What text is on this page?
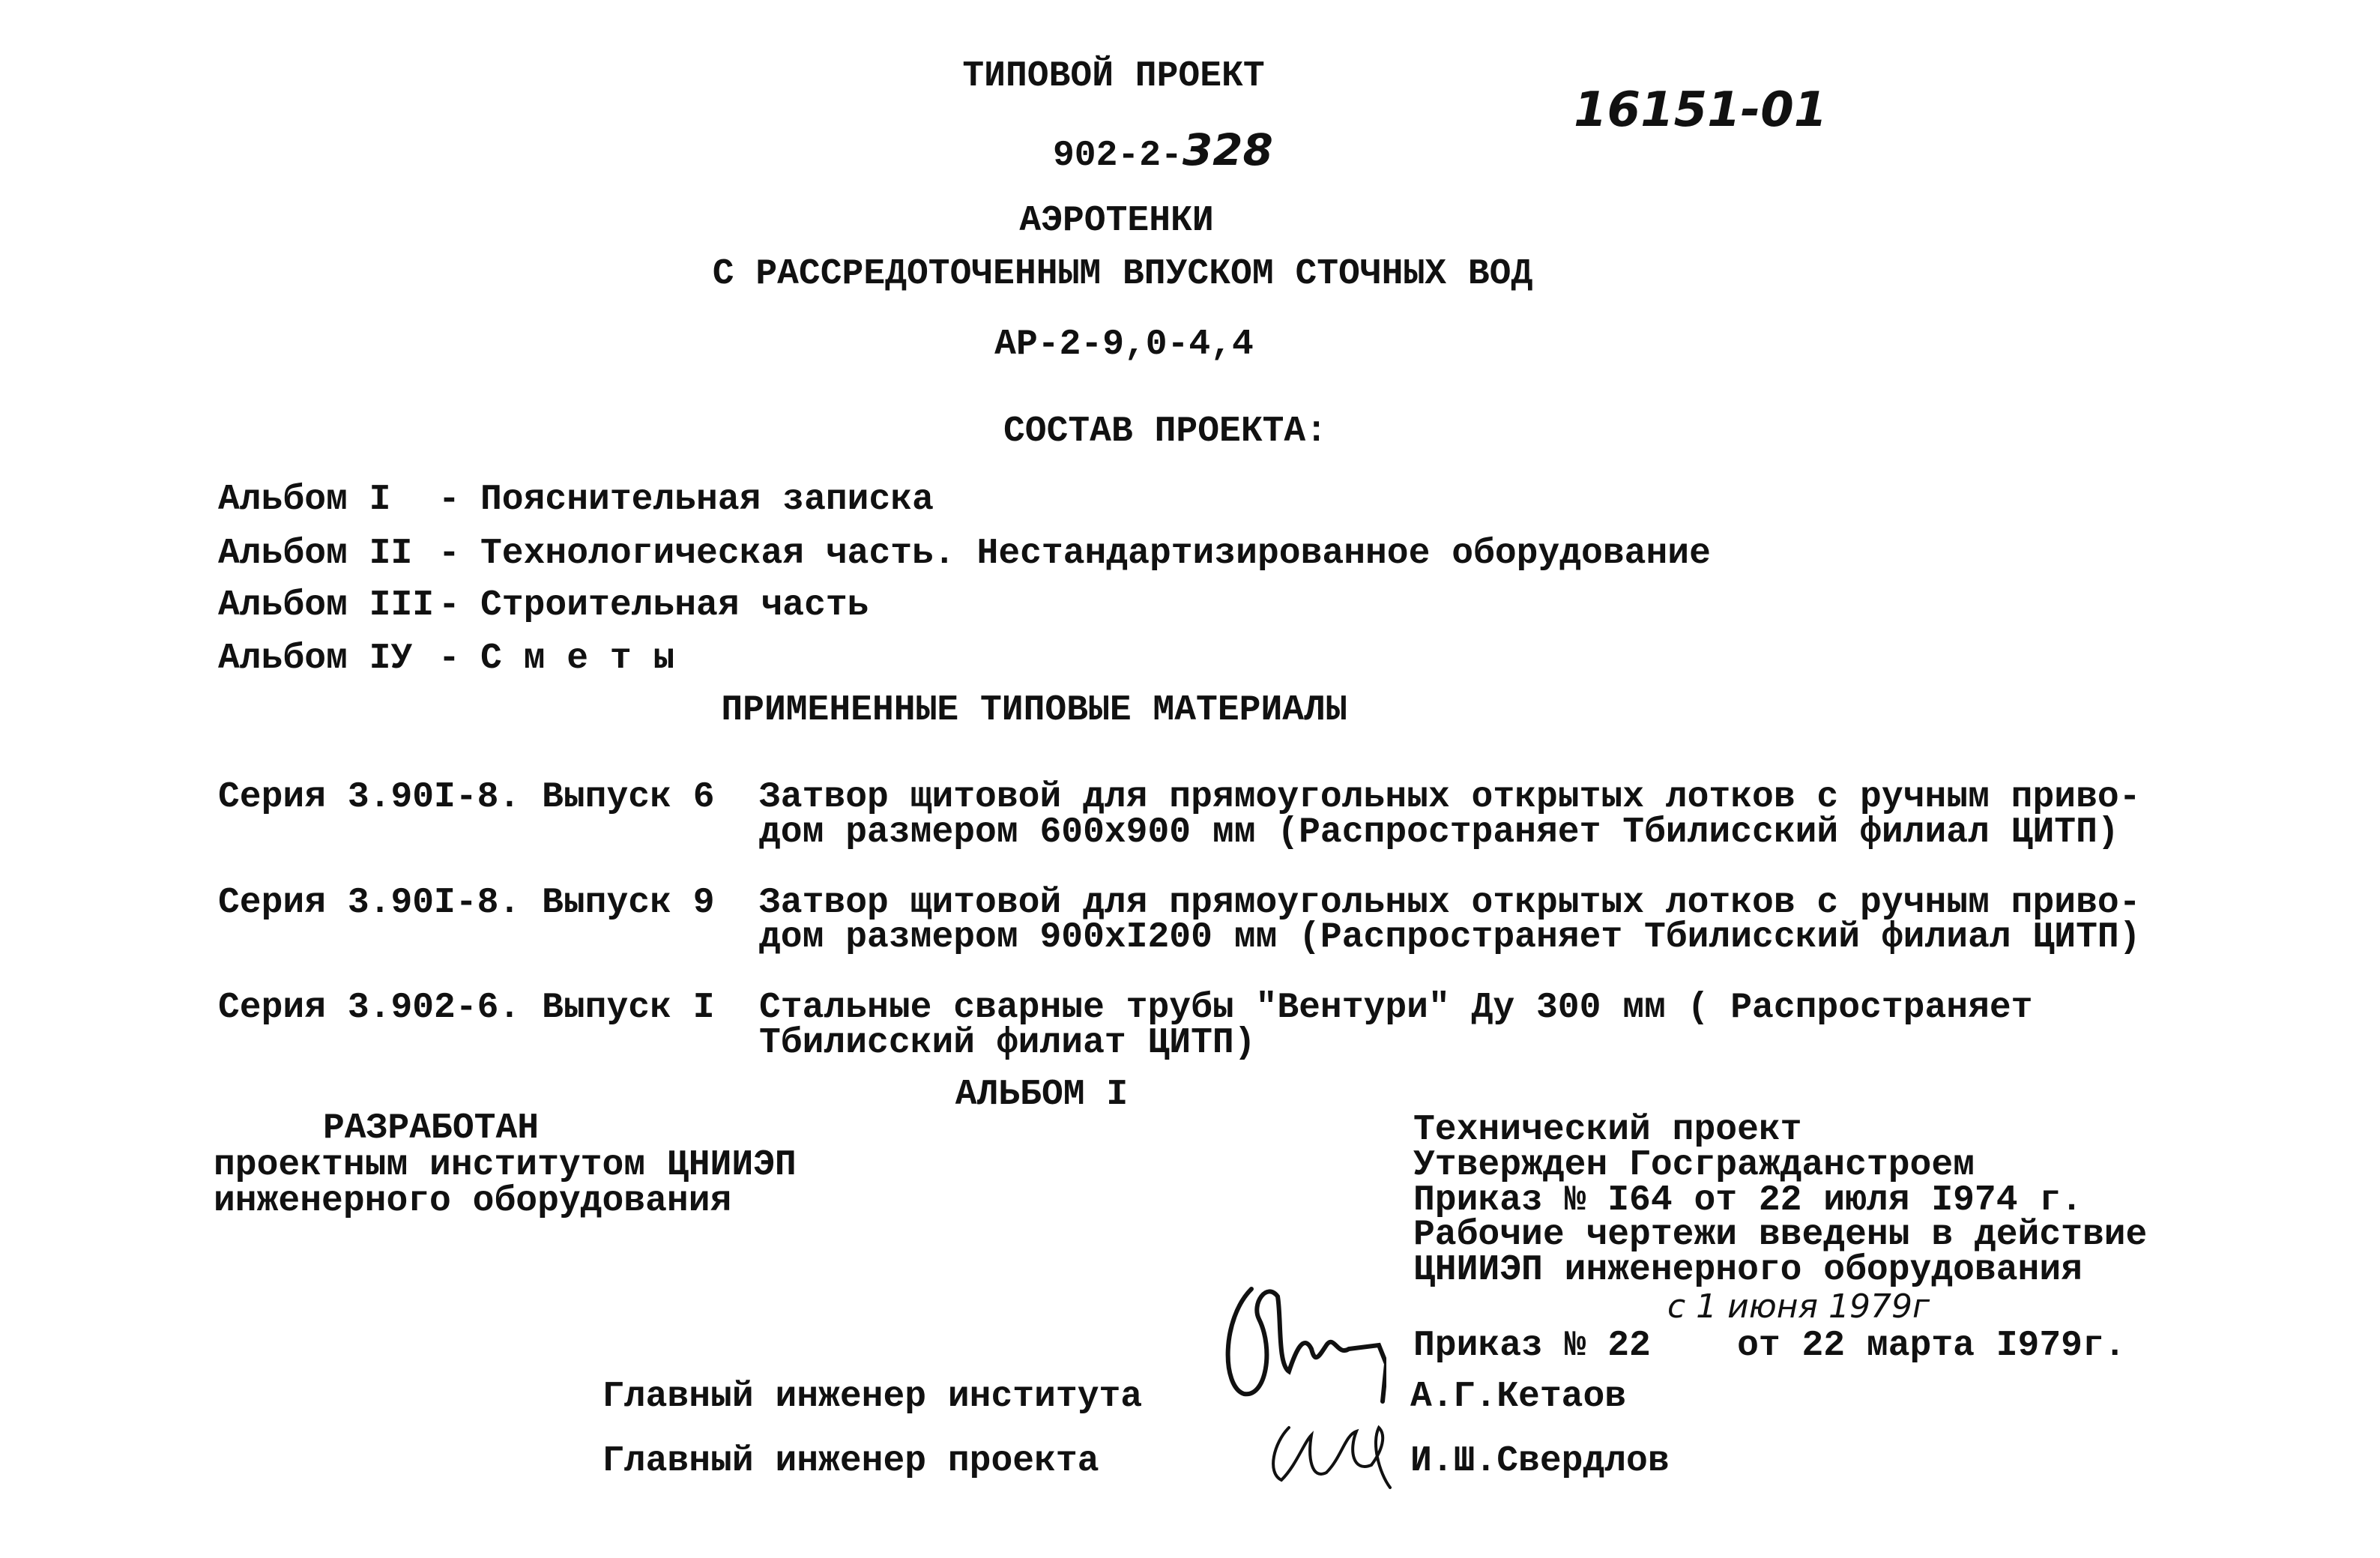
ТИПОВОЙ ПРОЕКТ
16151-01
902-2-328
АЭРОТЕНКИ
С РАССРЕДОТОЧЕННЫМ ВПУСКОМ СТОЧНЫХ ВОД
АР-2-9,0-4,4
СОСТАВ ПРОЕКТА:
Альбом I - Пояснительная записка
Альбом II - Технологическая часть. Нестандартизированное оборудование
Альбом III - Строительная часть
Альбом IУ - С м е т ы
ПРИМЕНЕННЫЕ ТИПОВЫЕ МАТЕРИАЛЫ
Серия 3.90I-8. Выпуск 6 Затвор щитовой для прямоугольных открытых лотков с ручным приво-
дом размером 600х900 мм (Распространяет Тбилисский филиал ЦИТП)
Серия 3.90I-8. Выпуск 9 Затвор щитовой для прямоугольных открытых лотков с ручным приво-
дом размером 900хI200 мм (Распространяет Тбилисский филиал ЦИТП)
Серия 3.902-6. Выпуск I Стальные сварные трубы "Вентури" Ду 300 мм ( Распространяет
Тбилисский филиат ЦИТП)
АЛЬБОМ I
РАЗРАБОТАН
проектным институтом ЦНИИЭП
инженерного оборудования
Технический проект
Утвержден Госгражданстроем
Приказ № I64 от 22 июля I974 г.
Рабочие чертежи введены в действие
ЦНИИЭП инженерного оборудования
с 1 июня 1979г
Приказ № 22    от 22 марта I979г.
Главный инженер института	А.Г.Кетаов
Главный инженер проекта	И.Ш.Свердлов
